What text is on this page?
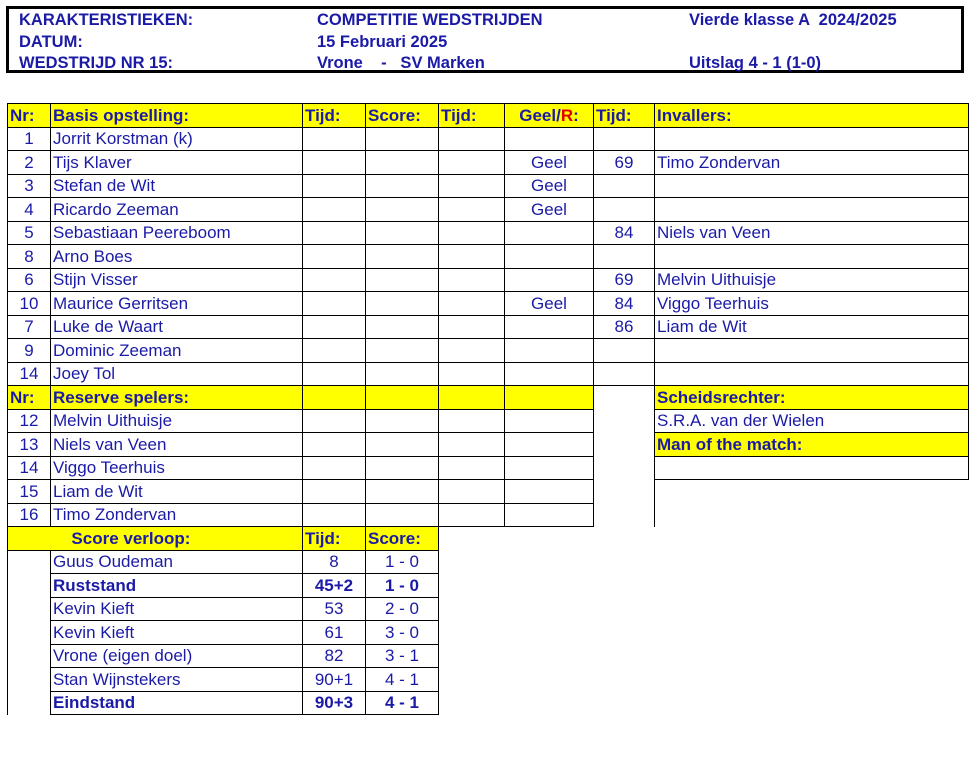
KARAKTERISTIEKEN:	COMPETITIE WEDSTRIJDEN	Vierde klasse A  2024/2025
DATUM:	15 Februari 2025
WEDSTRIJD NR 15:	Vrone    -   SV Marken	Uitslag 4 - 1 (1-0)
Nr:	Basis opstelling:	Tijd:	Score:	Tijd:	Geel/R:	Tijd:	Invallers:
1	Jorrit Korstman (k)						
2	Tijs Klaver				Geel	69	Timo Zondervan
3	Stefan de Wit				Geel		
4	Ricardo Zeeman				Geel		
5	Sebastiaan Peereboom					84	Niels van Veen
8	Arno Boes						
6	Stijn Visser					69	Melvin Uithuisje
10	Maurice Gerritsen				Geel	84	Viggo Teerhuis
7	Luke de Waart					86	Liam de Wit
9	Dominic Zeeman						
14	Joey Tol						
Nr:	Reserve spelers:						Scheidsrechter:
12	Melvin Uithuisje						S.R.A. van der Wielen
13	Niels van Veen						Man of the match:
14	Viggo Teerhuis						
15	Liam de Wit						
16	Timo Zondervan						
	Score verloop:	Tijd:	Score:				
	Guus Oudeman	8	1 - 0				
	Ruststand	45+2	1 - 0				
	Kevin Kieft	53	2 - 0				
	Kevin Kieft	61	3 - 0				
	Vrone (eigen doel)	82	3 - 1				
	Stan Wijnstekers	90+1	4 - 1				
	Eindstand	90+3	4 - 1				
